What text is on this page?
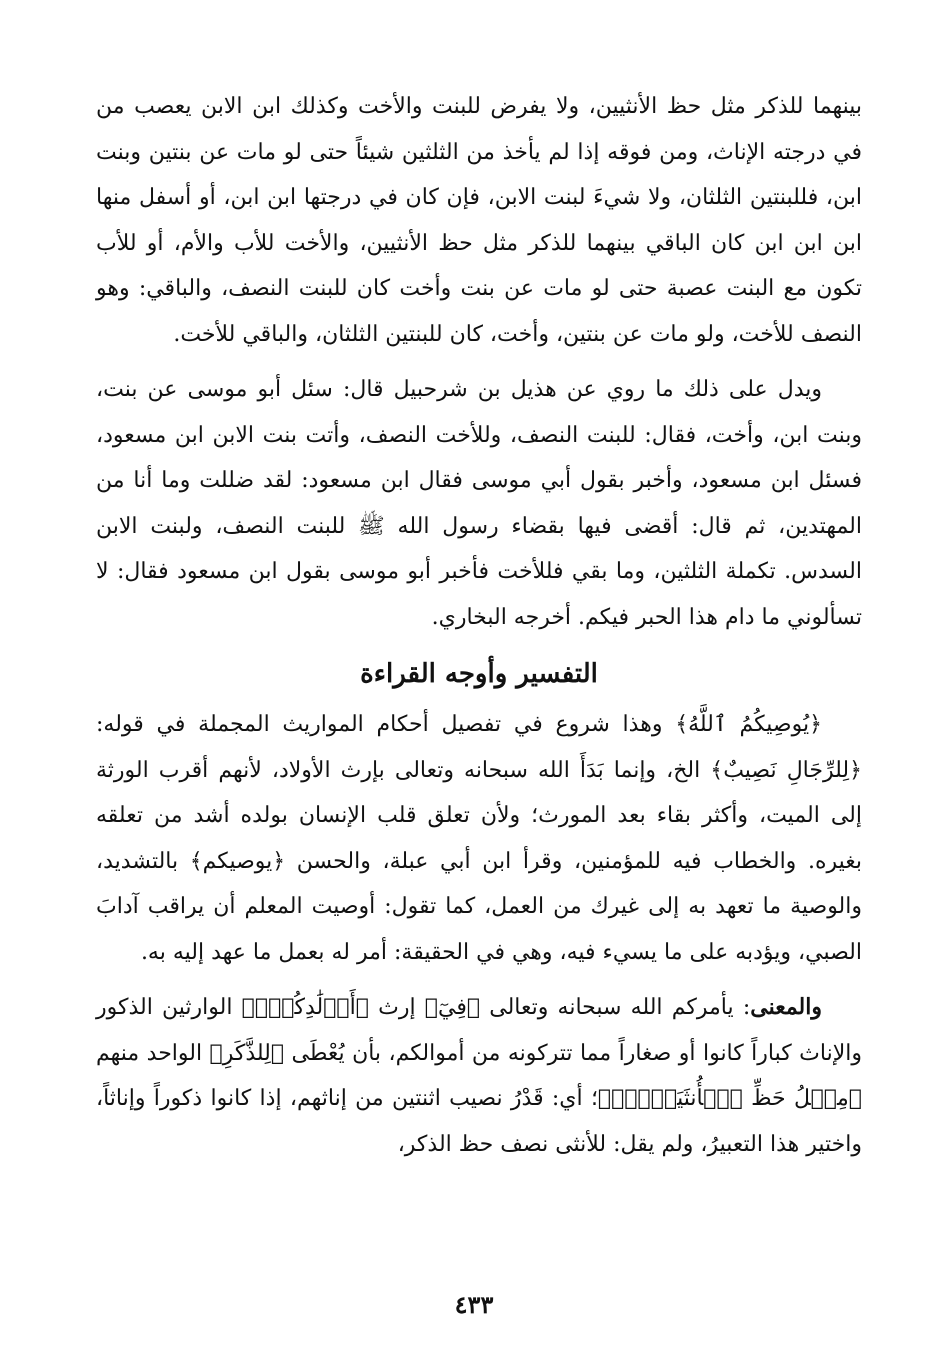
بينهما للذكر مثل حظ الأنثيين، ولا يفرض للبنت والأخت وكذلك ابن الابن يعصب من في درجته الإناث، ومن فوقه إذا لم يأخذ من الثلثين شيئاً حتى لو مات عن بنتين وبنت ابن، فللبنتين الثلثان، ولا شيءَ لبنت الابن، فإن كان في درجتها ابن ابن، أو أسفل منها ابن ابن ابن كان الباقي بينهما للذكر مثل حظ الأنثيين، والأخت للأب والأم، أو للأب تكون مع البنت عصبة حتى لو مات عن بنت وأخت كان للبنت النصف، والباقي: وهو النصف للأخت، ولو مات عن بنتين، وأخت، كان للبنتين الثلثان، والباقي للأخت.

ويدل على ذلك ما روي عن هذيل بن شرحبيل قال: سئل أبو موسى عن بنت، وبنت ابن، وأخت، فقال: للبنت النصف، وللأخت النصف، وأتت بنت الابن ابن مسعود، فسئل ابن مسعود، وأخبر بقول أبي موسى فقال ابن مسعود: لقد ضللت وما أنا من المهتدين، ثم قال: أقضى فيها بقضاء رسول الله ﷺ للبنت النصف، ولبنت الابن السدس. تكملة الثلثين، وما بقي فللأخت فأخبر أبو موسى بقول ابن مسعود فقال: لا تسألوني ما دام هذا الحبر فيكم. أخرجه البخاري.

التفسير وأوجه القراءة

﴿يُوصِيكُمُ ٱللَّهُ﴾ وهذا شروع في تفصيل أحكام المواريث المجملة في قوله: ﴿لِلرِّجَالِ نَصِيبٌ﴾ الخ، وإنما بَدَأَ الله سبحانه وتعالى بإرث الأولاد، لأنهم أقرب الورثة إلى الميت، وأكثر بقاء بعد المورث؛ ولأن تعلق قلب الإنسان بولده أشد من تعلقه بغيره. والخطاب فيه للمؤمنين، وقرأ ابن أبي عبلة، والحسن ﴿يوصيكم﴾ بالتشديد، والوصية ما تعهد به إلى غيرك من العمل، كما تقول: أوصيت المعلم أن يراقب آدابَ الصبي، ويؤدبه على ما يسيء فيه، وهي في الحقيقة: أمر له بعمل ما عهد إليه به.

والمعنى: يأمركم الله سبحانه وتعالى ﴿فِيٓ﴾ إرث ﴿أَوۡلَٰدِكُمۡۖ﴾ الوارثين الذكور والإناث كباراً كانوا أو صغاراً مما تتركونه من أموالكم، بأن يُعْطَى ﴿لِلذَّكَرِ﴾ الواحد منهم ﴿مِثۡلُ حَظِّ ٱلۡأُنثَيَيۡنِۚ﴾؛ أي: قَدْرُ نصيب اثنتين من إناثهم، إذا كانوا ذكوراً وإناثاً، واختير هذا التعبيرُ، ولم يقل: للأنثى نصف حظ الذكر،

٤٣٣
